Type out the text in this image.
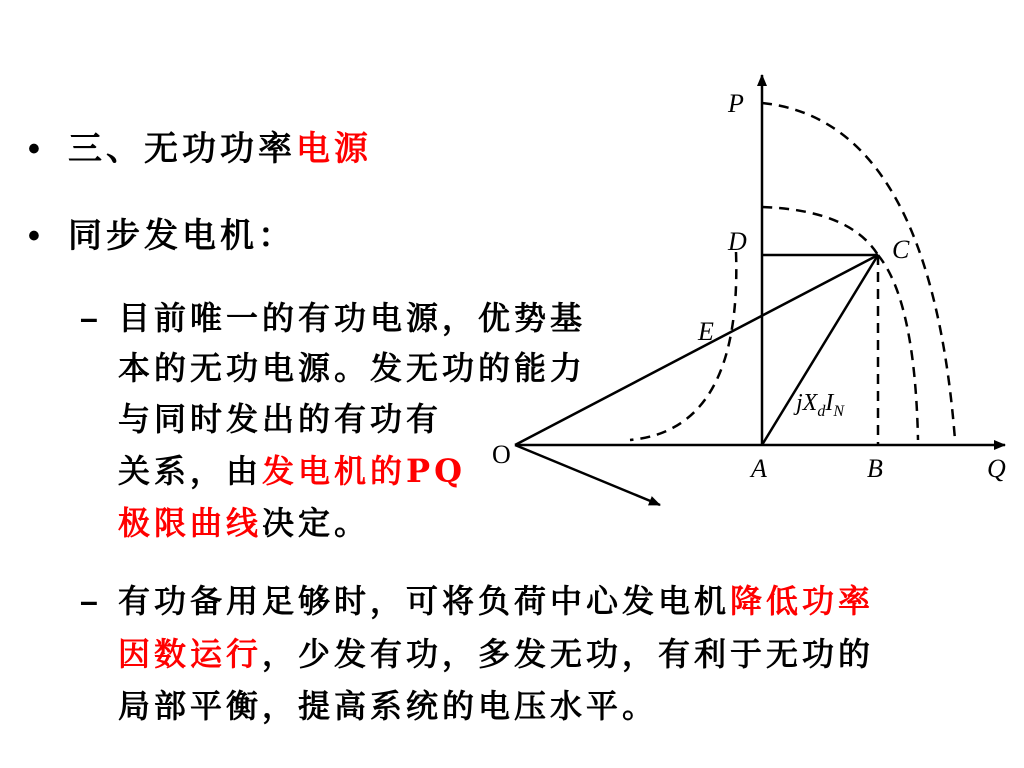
• 三、无功功率电源
• 同步发电机：
– 目前唯一的有功电源，优势基
本的无功电源。发无功的能力
与同时发出的有功有
关系，由发电机的PQ
极限曲线决定。
– 有功备用足够时，可将负荷中心发电机降低功率
因数运行，少发有功，多发无功，有利于无功的
局部平衡，提高系统的电压水平。
P
D	C
E
O	A	B	Q
$jX_dI_N$
